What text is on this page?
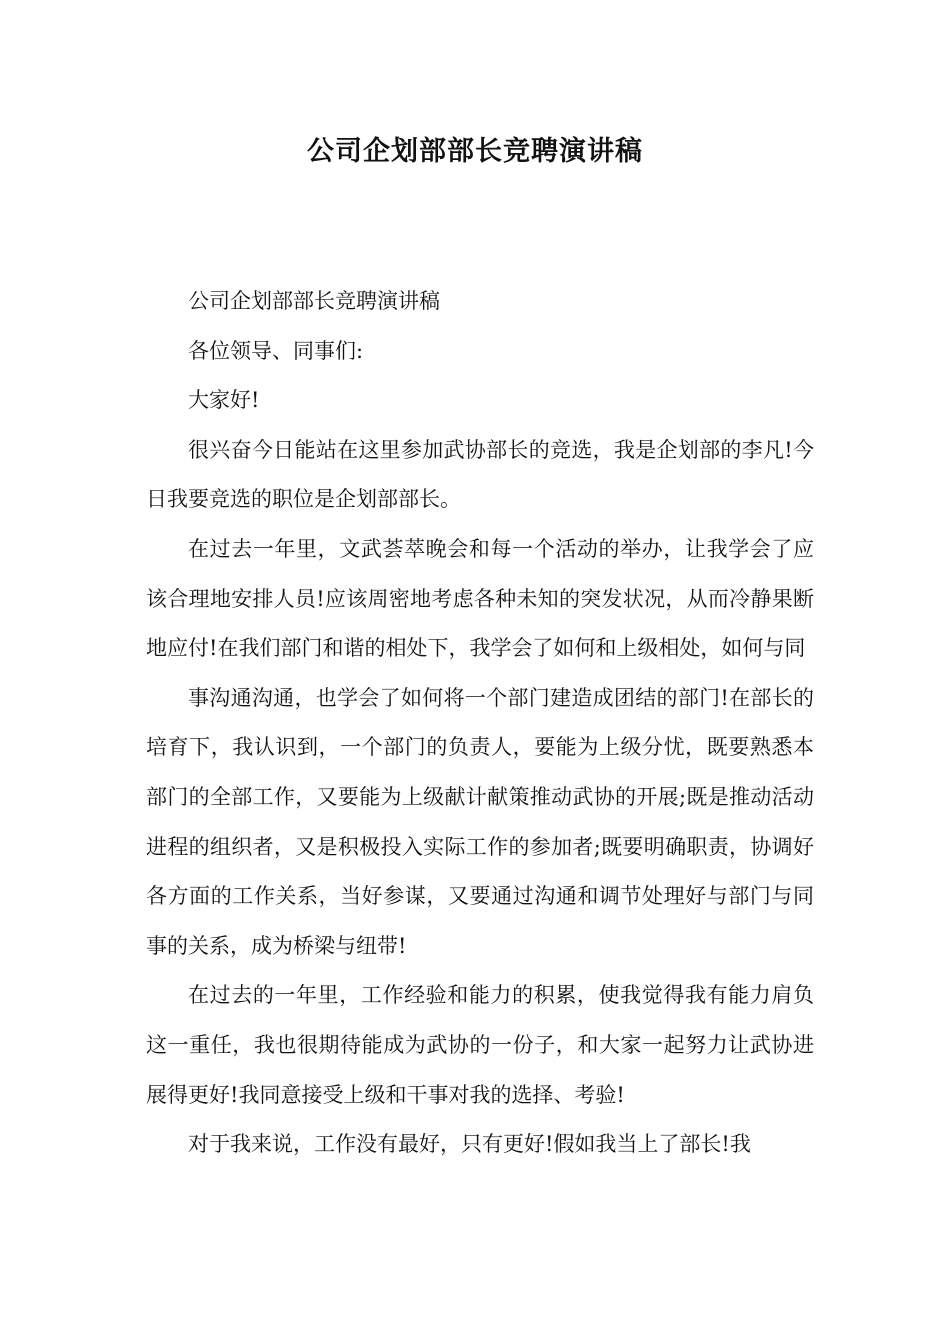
公司企划部部长竞聘演讲稿

公司企划部部长竞聘演讲稿

各位领导、同事们:

大家好!

很兴奋今日能站在这里参加武协部长的竞选，我是企划部的李凡!今日我要竞选的职位是企划部部长。

在过去一年里，文武荟萃晚会和每一个活动的举办，让我学会了应该合理地安排人员!应该周密地考虑各种未知的突发状况，从而冷静果断地应付!在我们部门和谐的相处下，我学会了如何和上级相处，如何与同

事沟通沟通，也学会了如何将一个部门建造成团结的部门!在部长的培育下，我认识到，一个部门的负责人，要能为上级分忧，既要熟悉本部门的全部工作，又要能为上级献计献策推动武协的开展;既是推动活动进程的组织者，又是积极投入实际工作的参加者;既要明确职责，协调好各方面的工作关系，当好参谋，又要通过沟通和调节处理好与部门与同事的关系，成为桥梁与纽带!

在过去的一年里，工作经验和能力的积累，使我觉得我有能力肩负这一重任，我也很期待能成为武协的一份子，和大家一起努力让武协进展得更好!我同意接受上级和干事对我的选择、考验!

对于我来说，工作没有最好，只有更好!假如我当上了部长!我
